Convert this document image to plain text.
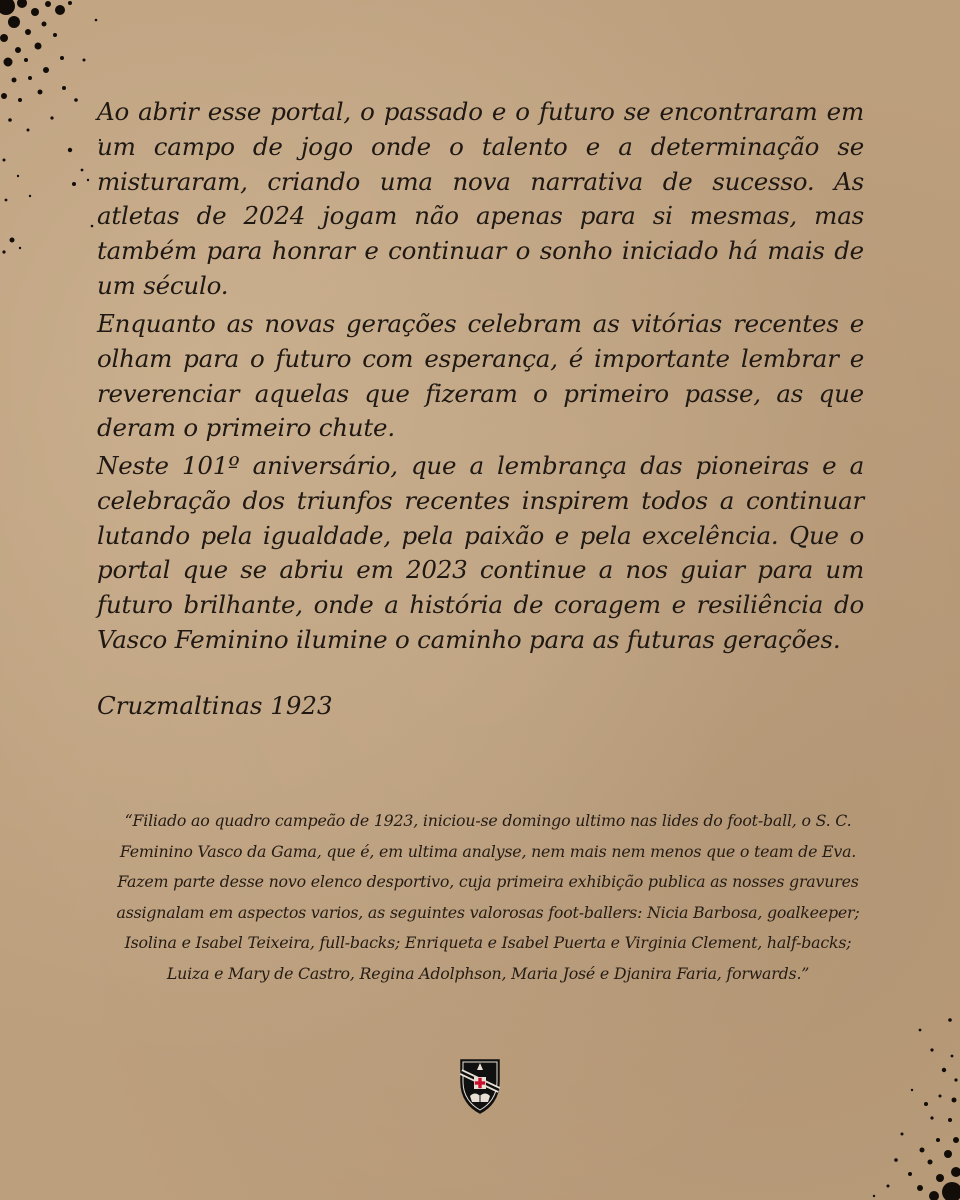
Ao abrir esse portal, o passado e o futuro se encontraram em um campo de jogo onde o talento e a determinação se misturaram, criando uma nova narrativa de sucesso. As atletas de 2024 jogam não apenas para si mesmas, mas também para honrar e continuar o sonho iniciado há mais de um século.

Enquanto as novas gerações celebram as vitórias recentes e olham para o futuro com esperança, é importante lembrar e reverenciar aquelas que fizeram o primeiro passe, as que deram o primeiro chute.

Neste 101º aniversário, que a lembrança das pioneiras e a celebração dos triunfos recentes inspirem todos a continuar lutando pela igualdade, pela paixão e pela excelência. Que o portal que se abriu em 2023 continue a nos guiar para um futuro brilhante, onde a história de coragem e resiliência do Vasco Feminino ilumine o caminho para as futuras gerações.

Cruzmaltinas 1923

“Filiado ao quadro campeão de 1923, iniciou-se domingo ultimo nas lides do foot-ball, o S. C. Feminino Vasco da Gama, que é, em ultima analyse, nem mais nem menos que o team de Eva. Fazem parte desse novo elenco desportivo, cuja primeira exhibição publica as nosses gravures assignalam em aspectos varios, as seguintes valorosas foot-ballers: Nicia Barbosa, goalkeeper; Isolina e Isabel Teixeira, full-backs; Enriqueta e Isabel Puerta e Virginia Clement, half-backs; Luiza e Mary de Castro, Regina Adolphson, Maria José e Djanira Faria, forwards.”
